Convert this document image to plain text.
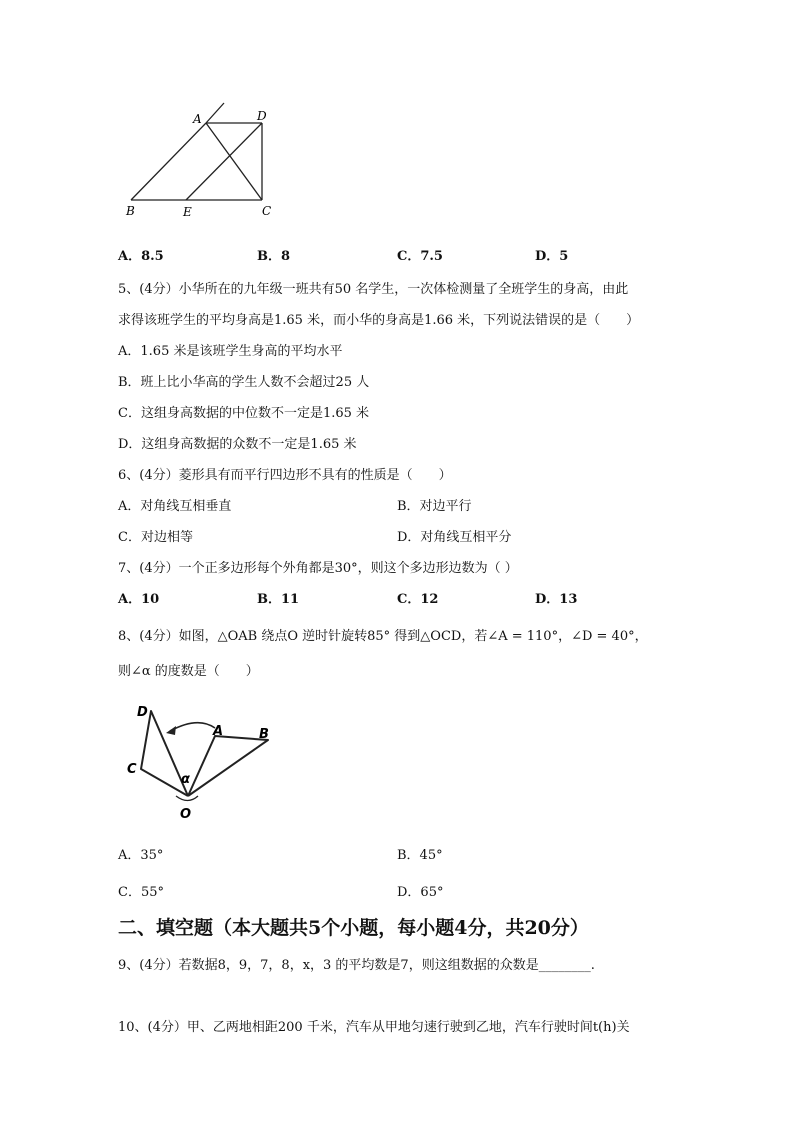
A	D
B	E	C
A．8.5	B．8	C．7.5	D．5
5、(4分）小华所在的九年级一班共有50 名学生，一次体检测量了全班学生的身高，由此
求得该班学生的平均身高是1.65 米，而小华的身高是1.66 米，下列说法错误的是（　　）
A．1.65 米是该班学生身高的平均水平
B．班上比小华高的学生人数不会超过25 人
C．这组身高数据的中位数不一定是1.65 米
D．这组身高数据的众数不一定是1.65 米
6、(4分）菱形具有而平行四边形不具有的性质是（　　）
A．对角线互相垂直	B．对边平行
C．对边相等	D．对角线互相平分
7、(4分）一个正多边形每个外角都是30°，则这个多边形边数为（ ）
A．10	B．11	C．12	D．13
8、(4分）如图，△OAB 绕点O 逆时针旋转85° 得到△OCD，若∠A = 110°，∠D = 40°，
则∠α 的度数是（　　）
D
A	B
C
α
O
A．35°	B．45°
C．55°	D．65°
二、填空题（本大题共5个小题，每小题4分，共20分）
9、(4分）若数据8，9，7，8，x，3 的平均数是7，则这组数据的众数是________.
10、(4分）甲、乙两地相距200 千米，汽车从甲地匀速行驶到乙地，汽车行驶时间t(h)关
